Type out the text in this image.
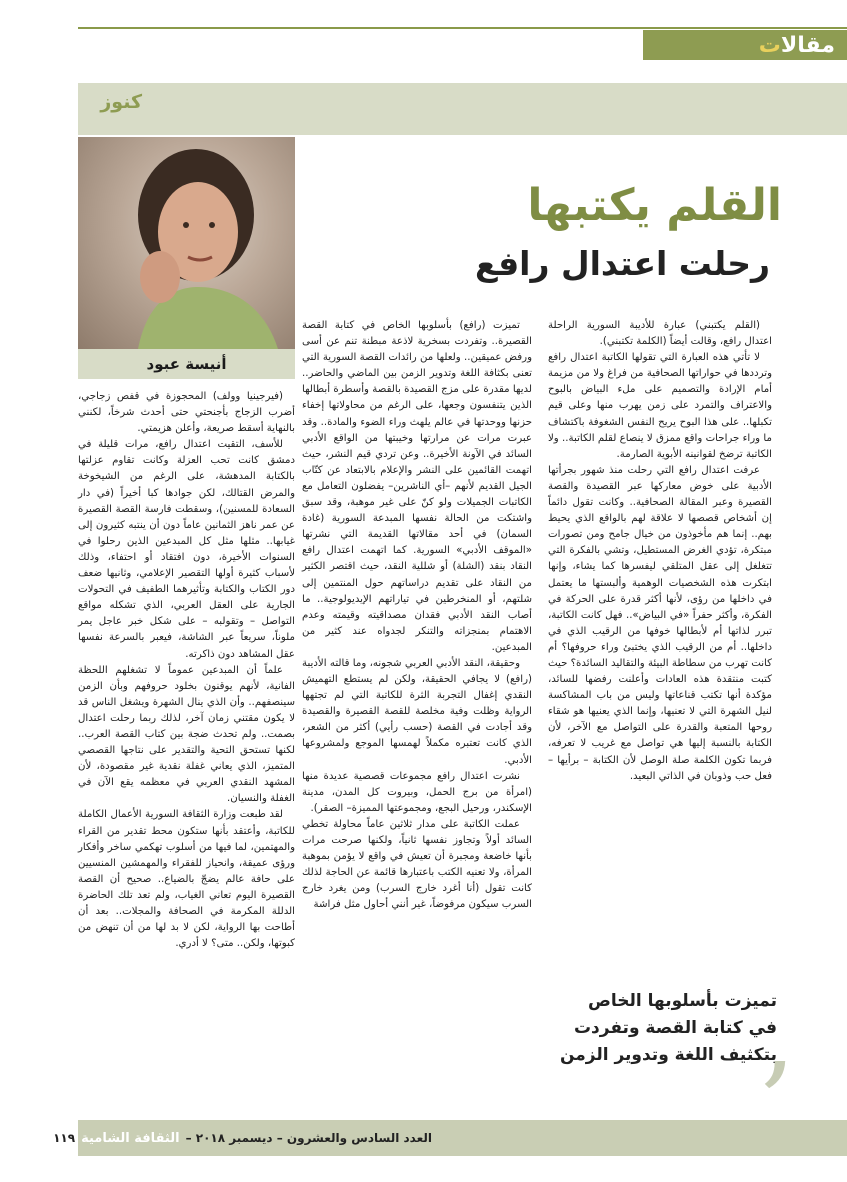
مقالا
ت
كنوز
أنيسة عبود
القلم يكتبها
رحلت اعتدال رافع

(القلم يكتبني) عبارة للأديبة السورية الراحلة اعتدال رافع، وقالت أيضاً (الكلمة تكتبني).

لا تأتي هذه العبارة التي تقولها الكاتبة اعتدال رافع وترددها في حواراتها الصحافية من فراغ ولا من مزيمة أمام الإرادة والتصميم على ملء البياض بالبوح والاعتراف والتمرد على زمن يهرب منها وعلى قيم تكبلها.. على هذا البوح يريح النفس الشغوفة باكتشاف ما وراء جراحات واقع ممزق لا ينصاع لقلم الكاتبة.. ولا الكاتبة ترضخ لقوانينه الأبوية الصارمة.

عرفت اعتدال رافع التي رحلت منذ شهور بجرأتها الأدبية على خوض معاركها عبر القصيدة والقصة القصيرة وعبر المقالة الصحافية.. وكانت تقول دائماً إن أشخاص قصصها لا علاقة لهم بالواقع الذي يحيط بهم.. إنما هم مأخوذون من خيال جامح ومن تصورات مبتكرة، تؤدي الغرض المستطيل، وتشي بالفكرة التي تتغلغل إلى عقل المتلقي ليفسرها كما يشاء، وإنها ابتكرت هذه الشخصيات الوهمية وألبستها ما يعتمل في داخلها من رؤى، لأنها أكثر قدرة على الحركة في الفكرة، وأكثر حفراً «في البياض».. فهل كانت الكاتبة، تبرر لذاتها أم لأبطالها خوفها من الرقيب الذي في داخلها.. أم من الرقيب الذي يختبئ وراء حروفها؟ أم كانت تهرب من سطاطة البيئة والتقاليد السائدة؟ حيث كتبت منتقدة هذه العادات وأعلنت رفضها للسائد، مؤكدة أنها تكتب قناعاتها وليس من باب المشاكسة لنيل الشهرة التي لا تعنيها، وإنما الذي يعنيها هو شقاء روحها المتعبة والقدرة على التواصل مع الآخر، لأن الكتابة بالنسبة إليها هي تواصل مع غريب لا تعرفه، فربما تكون الكلمة صلة الوصل لأن الكتابة – برأيها – فعل حب وذوبان في الذاتي البعيد.

تميزت (رافع) بأسلوبها الخاص في كتابة القصة القصيرة.. وتفردت بسخرية لاذعة مبطنة تنم عن أسى ورفض عميقين.. ولعلها من رائدات القصة السورية التي تعنى بكثافة اللغة وتدوير الزمن بين الماضي والحاضر.. لديها مقدرة على مزج القصيدة بالقصة وأسطرة أبطالها الذين يتنفسون وجعها، على الرغم من محاولاتها إخفاء حزنها ووحدتها في عالم يلهث وراء الضوء والمادة.. وقد عبرت مرات عن مرارتها وخيبتها من الواقع الأدبي السائد في الآونة الأخيرة.. وعن تردي قيم النشر، حيث اتهمت القائمين على النشر والإعلام بالابتعاد عن كتّاب الجيل القديم لأنهم –أي الناشرين– يفضلون التعامل مع الكاتبات الجميلات ولو كنّ على غير موهبة، وقد سبق واشتكت من الحالة نفسها المبدعة السورية (غادة السمان) في أحد مقالاتها القديمة التي نشرتها «الموقف الأدبي» السورية. كما اتهمت اعتدال رافع النقاد بنقد (الشلة) أو شللية النقد، حيث اقتصر الكثير من النقاد على تقديم دراساتهم حول المنتمين إلى شلتهم، أو المنخرطين في تياراتهم الإيديولوجية.. ما أصاب النقد الأدبي فقدان مصداقيته وقيمته وعدم الاهتمام بمنجزاته والتنكر لجدواه عند كثير من المبدعين.

وحقيقة، النقد الأدبي العربي شجونه، وما قالته الأديبة (رافع) لا يجافي الحقيقة، ولكن لم يستطع التهميش النقدي إغفال التجربة الثرة للكاتبة التي لم تجتهها الرواية وظلت وفية مخلصة للقصة القصيرة والقصيدة وقد أجادت في القصة (حسب رأيي) أكثر من الشعر، الذي كانت تعتبره مكملاً لهمسها الموجع ولمشروعها الأدبي.

نشرت اعتدال رافع مجموعات قصصية عديدة منها (امرأة من برج الحمل، وبيروت كل المدن، مدينة الإسكندر، ورحيل البجع، ومجموعتها المميزة– الصقر).

عملت الكاتبة على مدار ثلاثين عاماً محاولة تخطي السائد أولاً وتجاوز نفسها ثانياً، ولكنها صرحت مرات بأنها خاضعة ومجبرة أن تعيش في واقع لا يؤمن بموهبة المرأة، ولا تعنيه الكتب باعتبارها قائمة عن الحاجة لذلك كانت تقول (أنا أغرد خارج السرب) ومن يغرد خارج السرب سيكون مرفوضاً، غير أنني أحاول مثل فراشة

(فيرجينيا وولف) المحجوزة في قفص زجاجي، أضرب الزجاج بأجنحتي حتى أحدث شرخاً، لكنني بالنهاية أسقط صريعة، وأعلن هزيمتي.

للأسف، التقيت اعتدال رافع، مرات قليلة في دمشق كانت تحب العزلة وكانت تقاوم عزلتها بالكتابة المدهشة، على الرغم من الشيخوخة والمرض القتالك، لكن جوادها كبا أخيراً (في دار السعادة للمسنين)، وسقطت فارسة القصة القصيرة عن عمر ناهز الثمانين عاماً دون أن ينتبه كثيرون إلى غيابها.. مثلها مثل كل المبدعين الذين رحلوا في السنوات الأخيرة، دون افتقاد أو احتفاء، وذلك لأسباب كثيرة أولها التقصير الإعلامي، وثانيها ضعف دور الكتاب والكتابة وتأثيرهما الطفيف في التحولات الجارية على العقل العربي، الذي تشكله مواقع التواصل – وتقولبه – على شكل خبر عاجل يمر ملوناً، سريعاً عبر الشاشة، فيعبر بالسرعة نفسها عقل المشاهد دون ذاكرته.

علماً أن المبدعين عموماً لا تشغلهم اللحظة الفانية، لأنهم يوقنون بخلود حروفهم وبأن الزمن سينصفهم.. وأن الذي ينال الشهرة ويشغل الناس قد لا يكون مقتني زمان آخر، لذلك ربما رحلت اعتدال بصمت.. ولم تحدث ضجة بين كتاب القصة العرب.. لكنها تستحق التحية والتقدير على نتاجها القصصي المتميز، الذي يعاني غفلة نقدية غير مقصودة، لأن المشهد النقدي العربي في معظمه يقع الآن في الغفلة والنسيان.

لقد طبعت وزارة الثقافة السورية الأعمال الكاملة للكاتبة، وأعتقد بأنها ستكون محط تقدير من القراء والمهتمين، لما فيها من أسلوب تهكمي ساخر وأفكار ورؤى عميقة، وانحياز للفقراء والمهمشين المنسيين على حافة عالم يضجّ بالضياع.. صحيح أن القصة القصيرة اليوم تعاني الغياب، ولم تعد تلك الحاضرة الدللة المكرمة في الصحافة والمجلات.. بعد أن أطاحت بها الرواية، لكن لا بد لها من أن تنهض من كبوتها، ولكن.. متى؟ لا أدري.

‚
تميزت بأسلوبها الخاص في كتابة القصة وتفردت بتكثيف اللغة وتدوير الزمن
العدد السادس والعشرون – ديسمبر ٢٠١٨ –
الثقافة الشامية
١١٩
